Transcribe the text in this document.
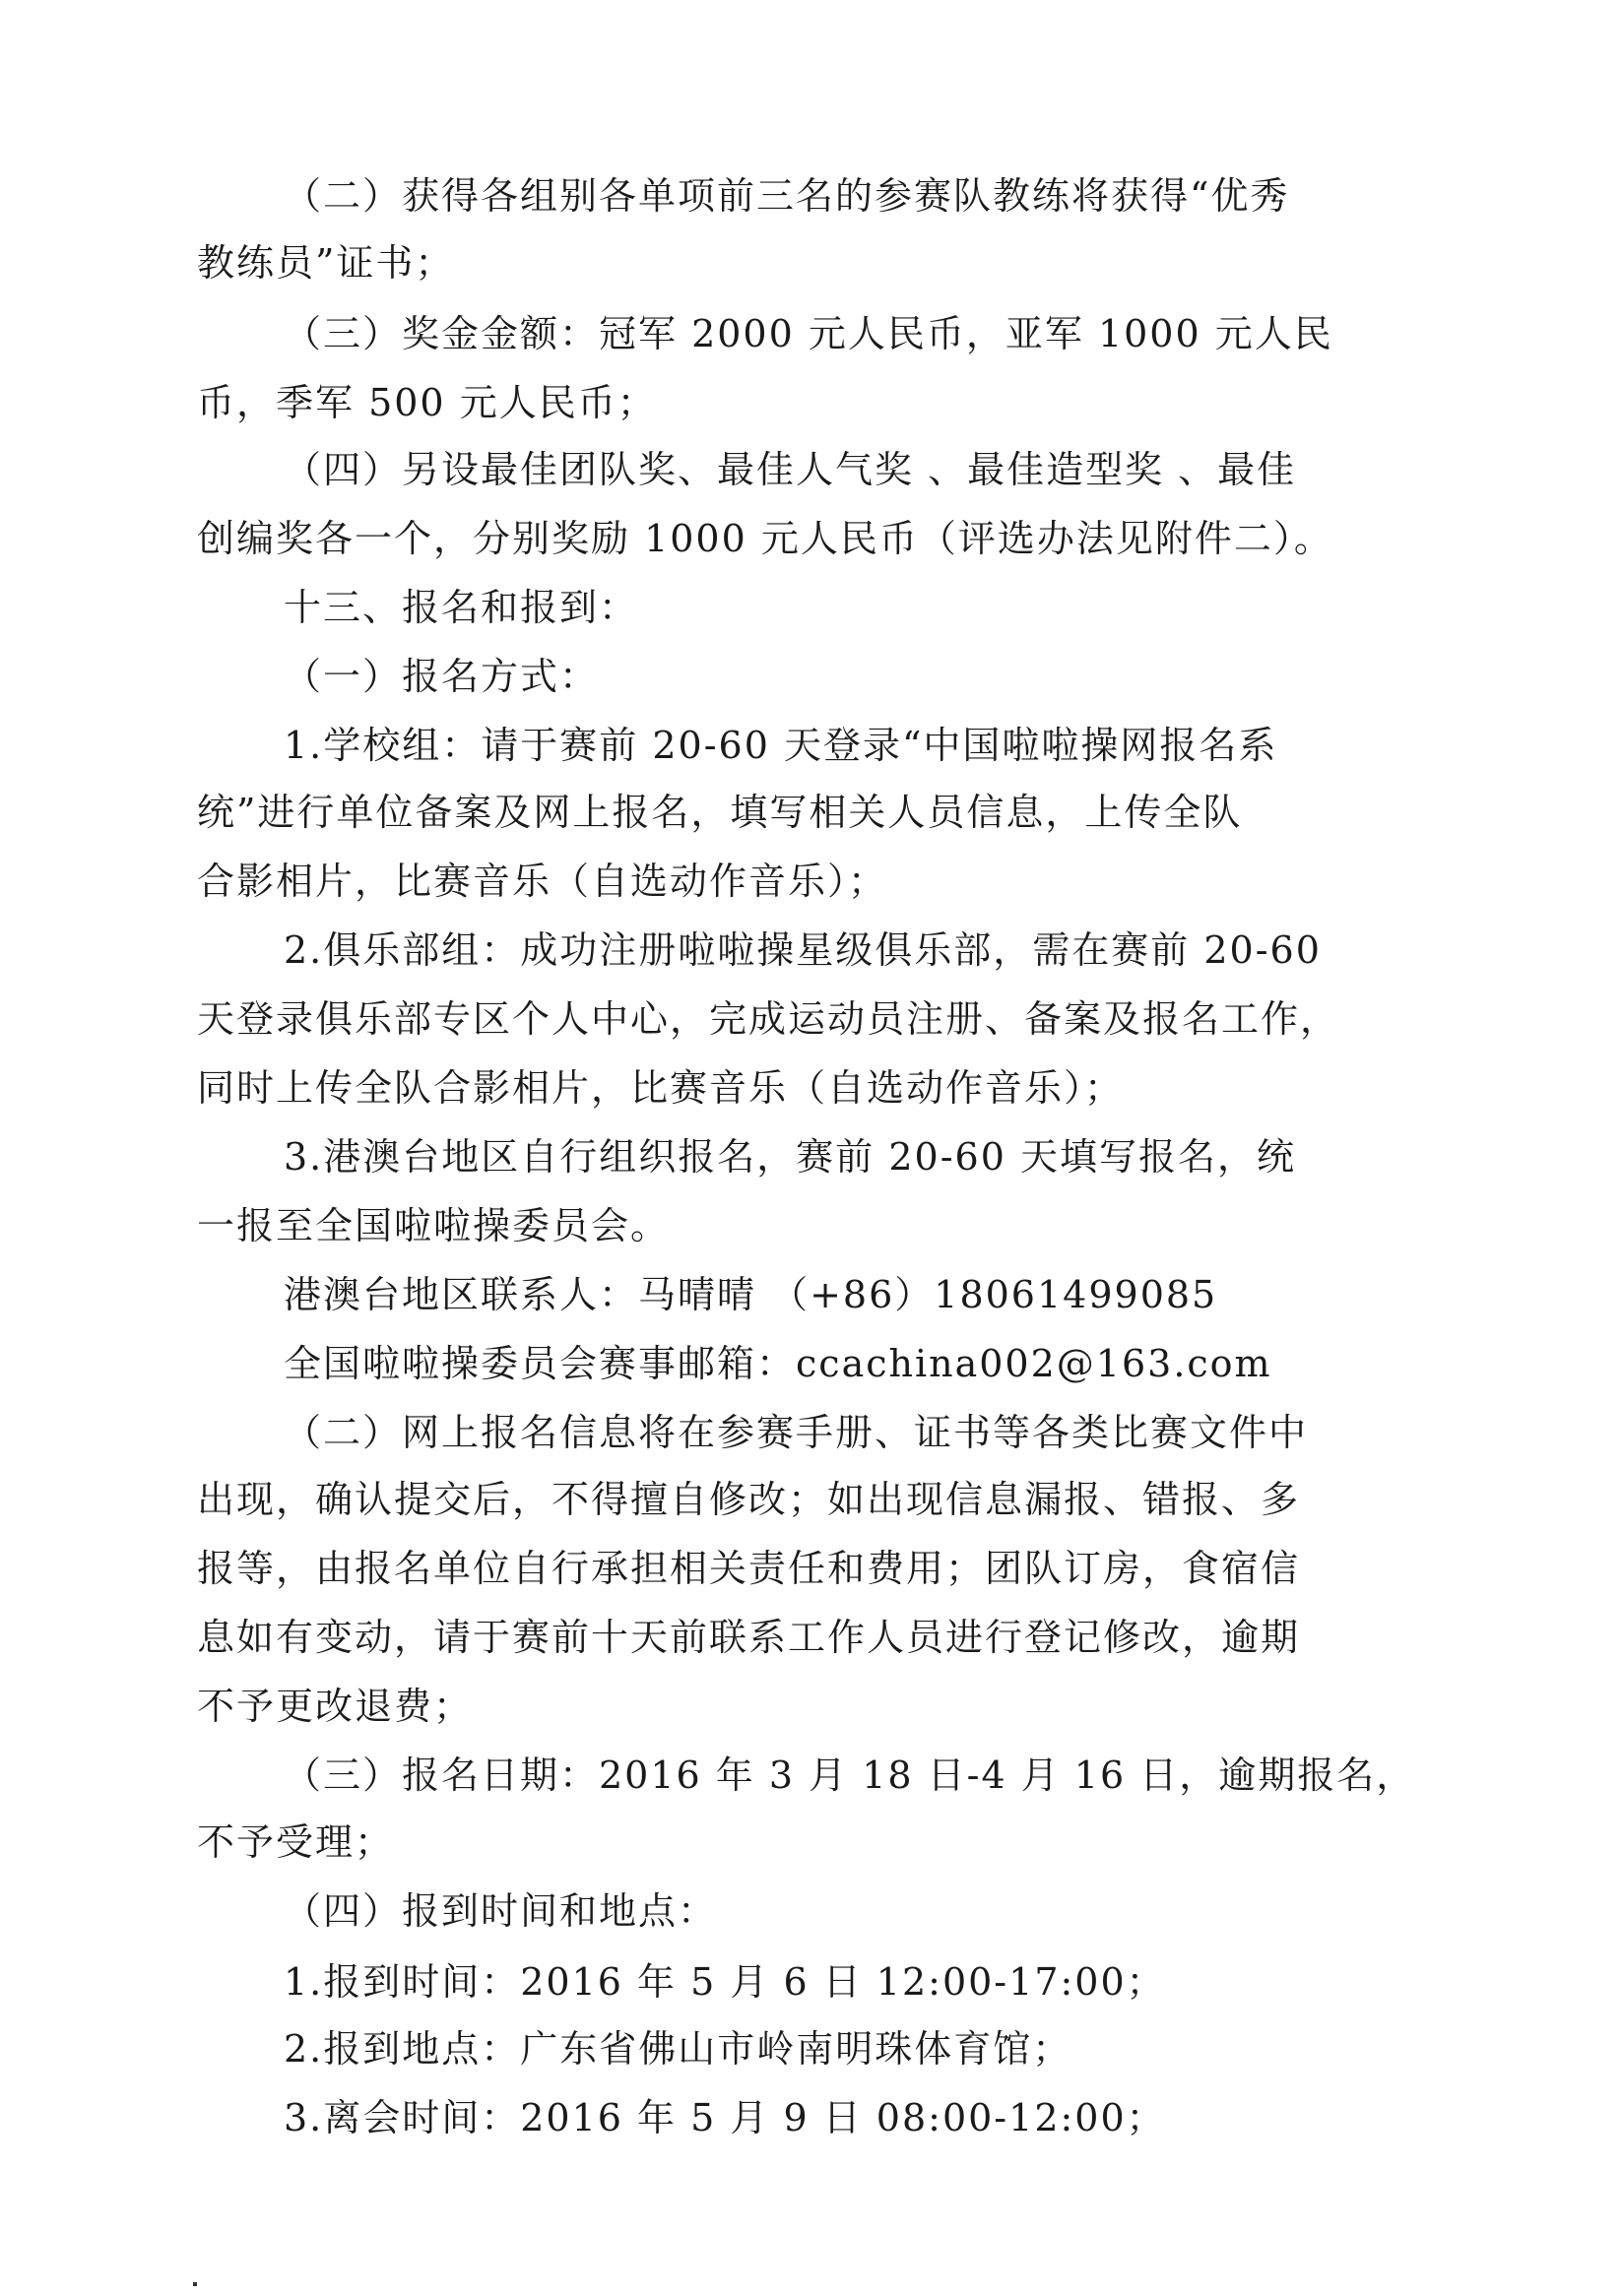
（二）获得各组别各单项前三名的参赛队教练将获得“优秀
教练员”证书；
（三）奖金金额：冠军 2000 元人民币，亚军 1000 元人民
币，季军 500 元人民币；
（四）另设最佳团队奖、最佳人气奖 、最佳造型奖 、最佳
创编奖各一个，分别奖励 1000 元人民币（评选办法见附件二）。
十三、报名和报到：
（一）报名方式：
1.学校组：请于赛前 20-60 天登录“中国啦啦操网报名系
统”进行单位备案及网上报名，填写相关人员信息，上传全队
合影相片，比赛音乐（自选动作音乐）；
2.俱乐部组：成功注册啦啦操星级俱乐部，需在赛前 20-60
天登录俱乐部专区个人中心，完成运动员注册、备案及报名工作，
同时上传全队合影相片，比赛音乐（自选动作音乐）；
3.港澳台地区自行组织报名，赛前 20-60 天填写报名，统
一报至全国啦啦操委员会。
港澳台地区联系人：马晴晴 （+86）18061499085
全国啦啦操委员会赛事邮箱：ccachina002@163.com
（二）网上报名信息将在参赛手册、证书等各类比赛文件中
出现，确认提交后，不得擅自修改；如出现信息漏报、错报、多
报等，由报名单位自行承担相关责任和费用；团队订房，食宿信
息如有变动，请于赛前十天前联系工作人员进行登记修改，逾期
不予更改退费；
（三）报名日期：2016 年 3 月 18 日-4 月 16 日，逾期报名，
不予受理；
（四）报到时间和地点：
1.报到时间：2016 年 5 月 6 日 12:00-17:00；
2.报到地点：广东省佛山市岭南明珠体育馆；
3.离会时间：2016 年 5 月 9 日 08:00-12:00；
